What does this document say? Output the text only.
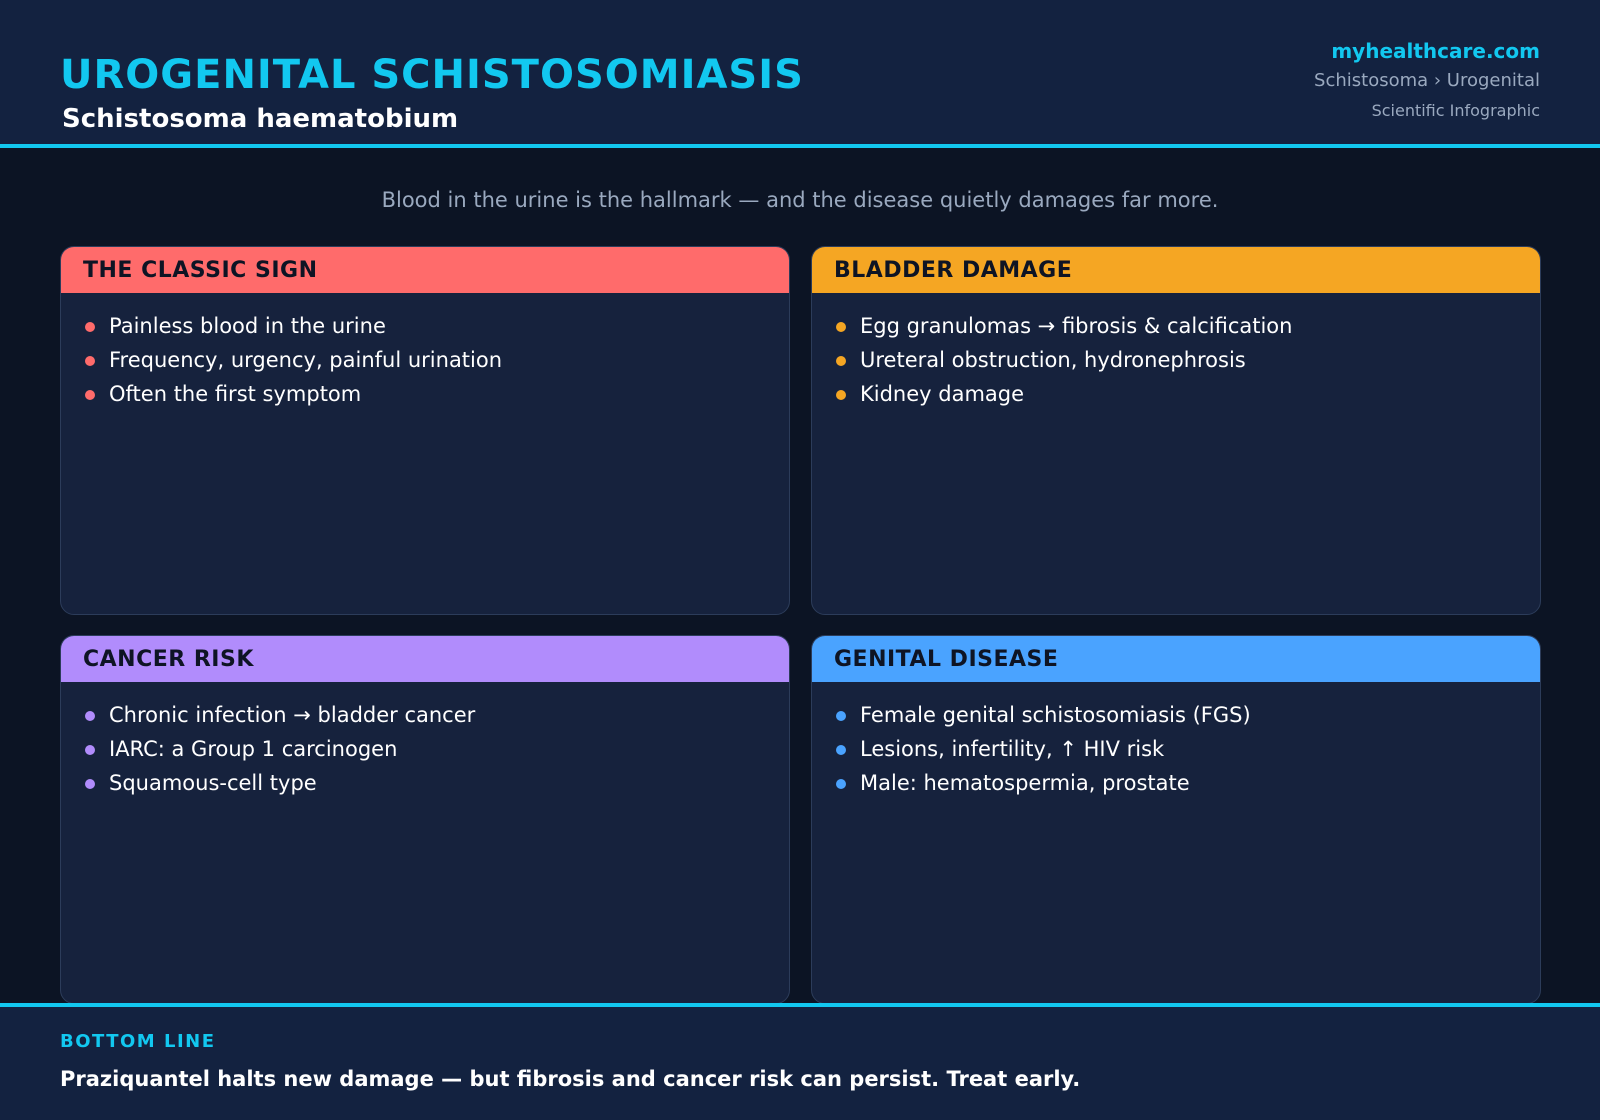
UROGENITAL SCHISTOSOMIASIS
Schistosoma haematobium
myhealthcare.com
Schistosoma › Urogenital
Scientific Infographic
Blood in the urine is the hallmark — and the disease quietly damages far more.
THE CLASSIC SIGN
Painless blood in the urine
Frequency, urgency, painful urination
Often the first symptom
BLADDER DAMAGE
Egg granulomas → fibrosis & calcification
Ureteral obstruction, hydronephrosis
Kidney damage
CANCER RISK
Chronic infection → bladder cancer
IARC: a Group 1 carcinogen
Squamous-cell type
GENITAL DISEASE
Female genital schistosomiasis (FGS)
Lesions, infertility, ↑ HIV risk
Male: hematospermia, prostate
BOTTOM LINE
Praziquantel halts new damage — but fibrosis and cancer risk can persist. Treat early.
